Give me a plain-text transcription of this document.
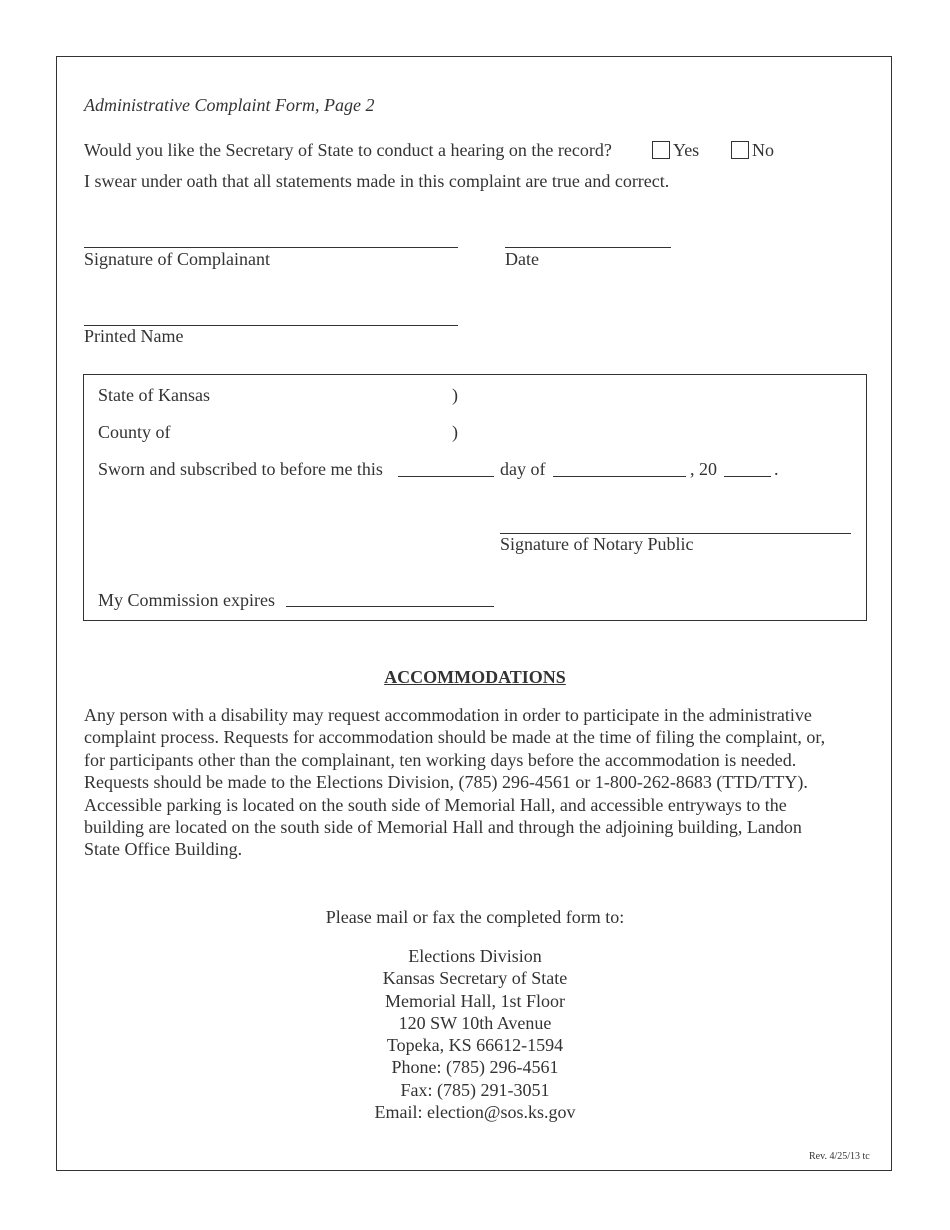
Administrative Complaint Form, Page 2
Would you like the Secretary of State to conduct a hearing on the record?	Yes	No
I swear under oath that all statements made in this complaint are true and correct.
Signature of Complainant	Date
Printed Name
State of Kansas	)
County of	)
Sworn and subscribed to before me this	day of	, 20	.
Signature of Notary Public
My Commission expires
ACCOMMODATIONS
Any person with a disability may request accommodation in order to participate in the administrative
complaint process. Requests for accommodation should be made at the time of filing the complaint, or,
for participants other than the complainant, ten working days before the accommodation is needed.
Requests should be made to the Elections Division, (785) 296-4561 or 1-800-262-8683 (TTD/TTY).
Accessible parking is located on the south side of Memorial Hall, and accessible entryways to the
building are located on the south side of Memorial Hall and through the adjoining building, Landon
State Office Building.
Please mail or fax the completed form to:
Elections Division
Kansas Secretary of State
Memorial Hall, 1st Floor
120 SW 10th Avenue
Topeka, KS 66612-1594
Phone: (785) 296-4561
Fax: (785) 291-3051
Email: election@sos.ks.gov
Rev. 4/25/13 tc
